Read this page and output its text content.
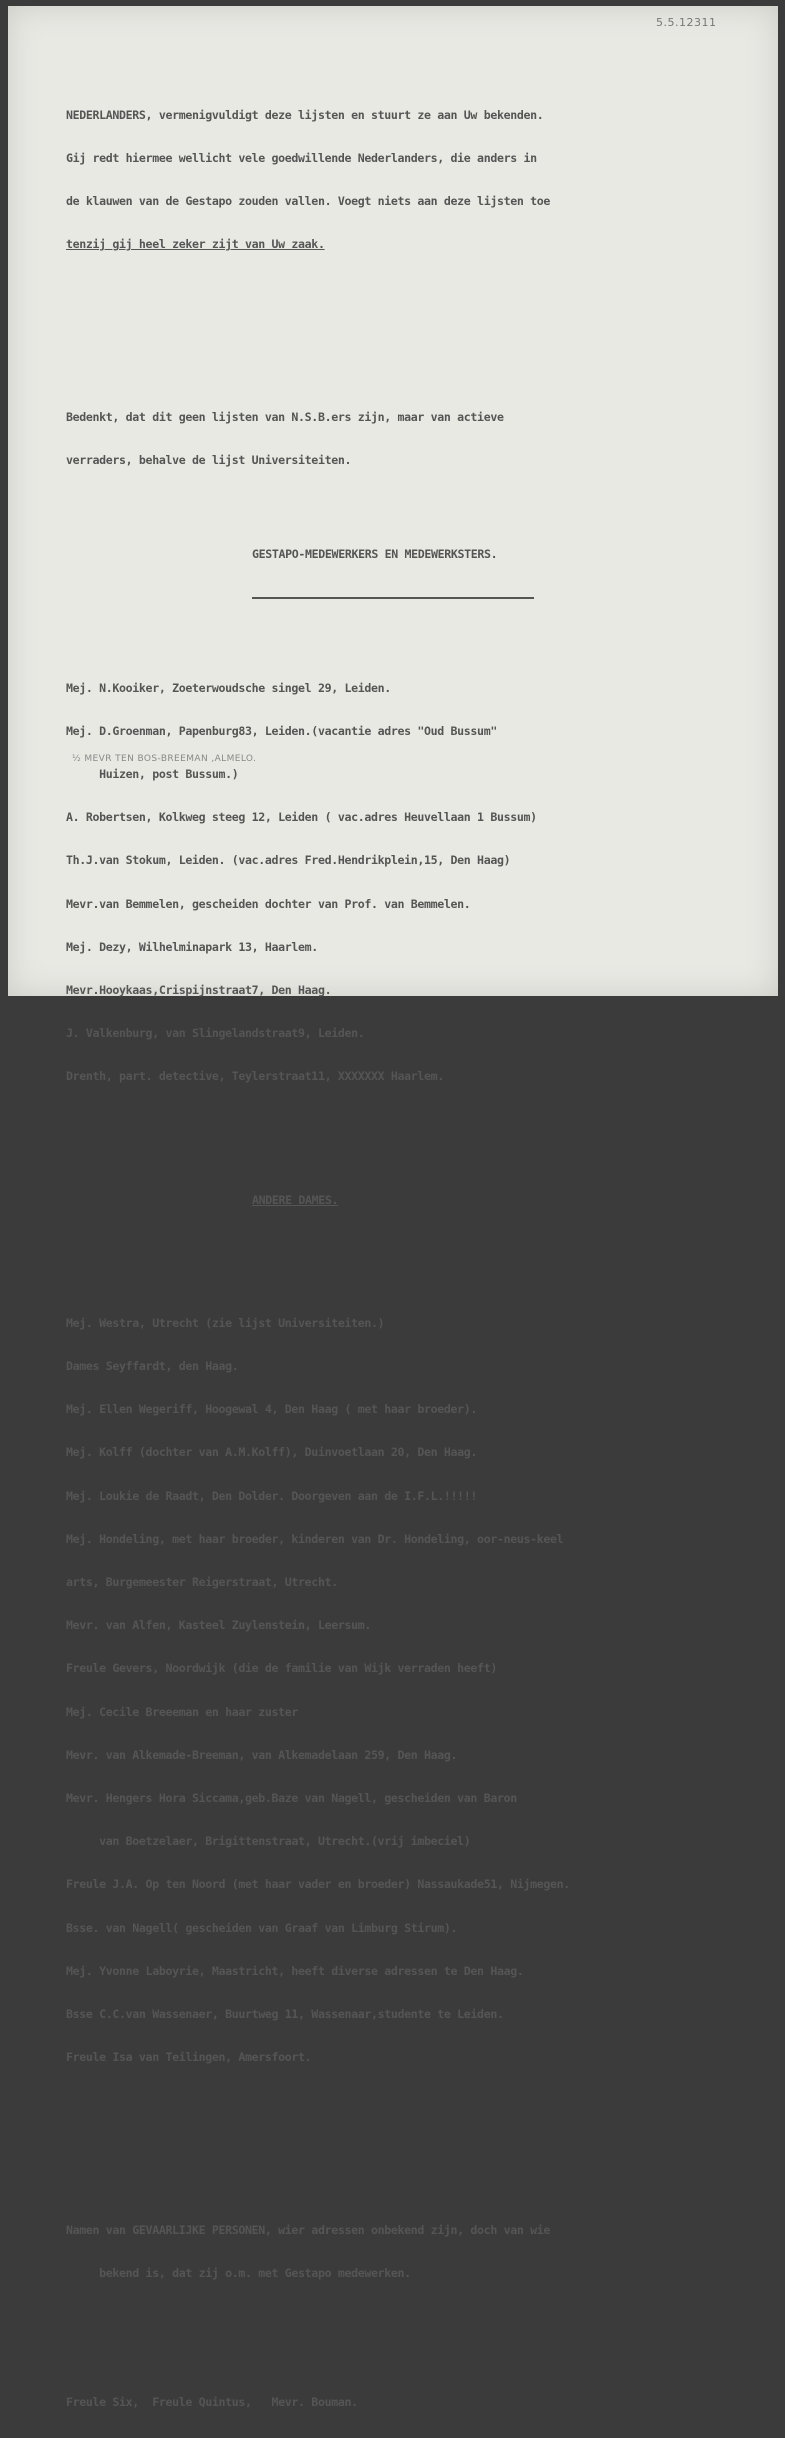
5.5.12311

NEDERLANDERS, vermenigvuldigt deze lijsten en stuurt ze aan Uw bekenden.

Gij redt hiermee wellicht vele goedwillende Nederlanders, die anders in

de klauwen van de Gestapo zouden vallen. Voegt niets aan deze lijsten toe

tenzij gij heel zeker zijt van Uw zaak.

Bedenkt, dat dit geen lijsten van N.S.B.ers zijn, maar van actieve

verraders, behalve de lijst Universiteiten.

GESTAPO-MEDEWERKERS EN MEDEWERKSTERS.

Mej. N.Kooiker, Zoeterwoudsche singel 29, Leiden.

Mej. D.Groenman, Papenburg83, Leiden.(vacantie adres "Oud Bussum"

Huizen, post Bussum.)

A. Robertsen, Kolkweg steeg 12, Leiden ( vac.adres Heuvellaan 1 Bussum)

Th.J.van Stokum, Leiden. (vac.adres Fred.Hendrikplein,15, Den Haag)

Mevr.van Bemmelen, gescheiden dochter van Prof. van Bemmelen.

Mej. Dezy, Wilhelminapark 13, Haarlem.

Mevr.Hooykaas,Crispijnstraat7, Den Haag.

J. Valkenburg, van Slingelandstraat9, Leiden.

Drenth, part. detective, Teylerstraat11, XXXXXXX Haarlem.

ANDERE DAMES.

Mej. Westra, Utrecht (zie lijst Universiteiten.)

Dames Seyffardt, den Haag.

Mej. Ellen Wegeriff, Hoogewal 4, Den Haag ( met haar broeder).

Mej. Kolff (dochter van A.M.Kolff), Duinvoetlaan 20, Den Haag.

Mej. Loukie de Raadt, Den Dolder. Doorgeven aan de I.F.L.!!!!!

Mej. Hondeling, met haar broeder, kinderen van Dr. Hondeling, oor-neus-keel

arts, Burgemeester Reigerstraat, Utrecht.

Mevr. van Alfen, Kasteel Zuylenstein, Leersum.

Freule Gevers, Noordwijk (die de familie van Wijk verraden heeft)

Mej. Cecile Breeeman en haar zuster

Mevr. van Alkemade-Breeman, van Alkemadelaan 259, Den Haag.

Mevr. Hengers Hora Siccama,geb.Baze van Nagell, gescheiden van Baron

van Boetzelaer, Brigittenstraat, Utrecht.(vrij imbeciel)

Freule J.A. Op ten Noord (met haar vader en broeder) Nassaukade51, Nijmegen.

Bsse. van Nagell( gescheiden van Graaf van Limburg Stirum).

Mej. Yvonne Laboyrie, Maastricht, heeft diverse adressen te Den Haag.

Bsse C.C.van Wassenaer, Buurtweg 11, Wassenaar,studente te Leiden.

Freule Isa van Teilingen, Amersfoort.

Namen van GEVAARLIJKE PERSONEN, wier adressen onbekend zijn, doch van wie

bekend is, dat zij o.m. met Gestapo medewerken.

Freule Six,  Freule Quintus,   Mevr. Bouman.

½ MEVR TEN BOS-BREEMAN ,ALMELO.
